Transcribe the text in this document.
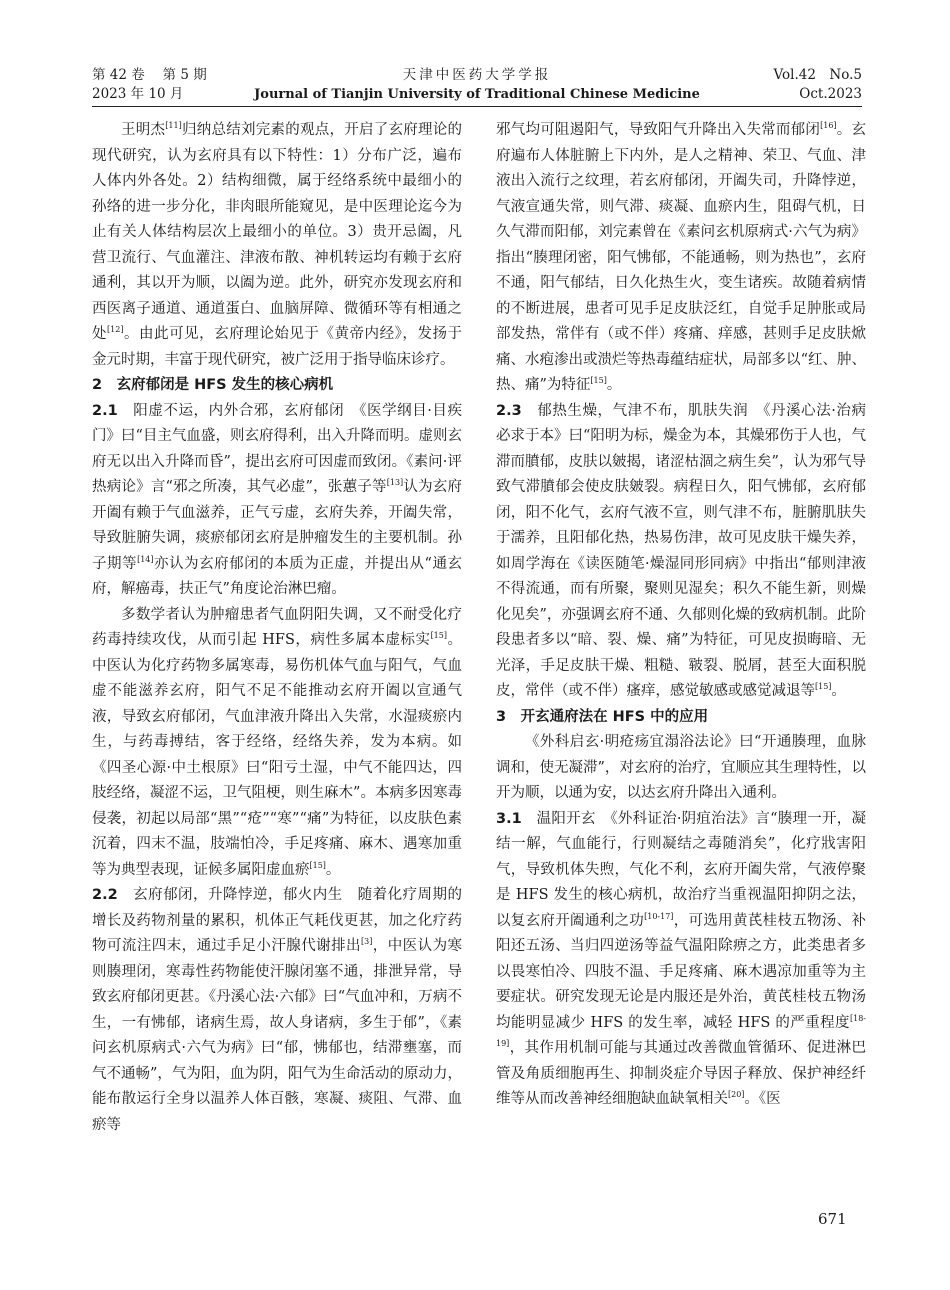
第 42 卷　 第 5 期
2023 年 10 月
天津中医药大学学报
Journal of Tianjin University of Traditional Chinese Medicine
Vol.42　No.5
Oct.2023

王明杰[11]归纳总结刘完素的观点，开启了玄府理论的现代研究，认为玄府具有以下特性：1）分布广泛，遍布人体内外各处。2）结构细微，属于经络系统中最细小的孙络的进一步分化，非肉眼所能窥见，是中医理论迄今为止有关人体结构层次上最细小的单位。3）贵开忌阖，凡营卫流行、气血灌注、津液布散、神机转运均有赖于玄府通利，其以开为顺，以阖为逆。此外，研究亦发现玄府和西医离子通道、通道蛋白、血脑屏障、微循环等有相通之处[12]。由此可见，玄府理论始见于《黄帝内经》，发扬于金元时期，丰富于现代研究，被广泛用于指导临床诊疗。

2　玄府郁闭是 HFS 发生的核心病机

2.1　阳虚不运，内外合邪，玄府郁闭　《医学纲目·目疾门》曰“目主气血盛，则玄府得利，出入升降而明。虚则玄府无以出入升降而昏”，提出玄府可因虚而致闭。《素问·评热病论》言“邪之所凑，其气必虚”，张蕙子等[13]认为玄府开阖有赖于气血滋养，正气亏虚，玄府失养，开阖失常，导致脏腑失调，痰瘀郁闭玄府是肿瘤发生的主要机制。孙子期等[14]亦认为玄府郁闭的本质为正虚，并提出从“通玄府，解癌毒，扶正气”角度论治淋巴瘤。

多数学者认为肿瘤患者气血阴阳失调，又不耐受化疗药毒持续攻伐，从而引起 HFS，病性多属本虚标实[15]。中医认为化疗药物多属寒毒，易伤机体气血与阳气，气血虚不能滋养玄府，阳气不足不能推动玄府开阖以宣通气液，导致玄府郁闭，气血津液升降出入失常，水湿痰瘀内生，与药毒搏结，客于经络，经络失养，发为本病。如《四圣心源·中土根原》曰“阳亏土湿，中气不能四达，四肢经络，凝涩不运，卫气阻梗，则生麻木”。本病多因寒毒侵袭，初起以局部“黑”“疮”“寒”“痛”为特征，以皮肤色素沉着，四末不温，肢端怕冷，手足疼痛、麻木、遇寒加重等为典型表现，证候多属阳虚血瘀[15]。

2.2　玄府郁闭，升降悖逆，郁火内生　随着化疗周期的增长及药物剂量的累积，机体正气耗伐更甚，加之化疗药物可流注四末，通过手足小汗腺代谢排出[3]，中医认为寒则腠理闭，寒毒性药物能使汗腺闭塞不通，排泄异常，导致玄府郁闭更甚。《丹溪心法·六郁》曰“气血冲和，万病不生，一有怫郁，诸病生焉，故人身诸病，多生于郁”，《素问玄机原病式·六气为病》曰“郁，怫郁也，结滞壅塞，而气不通畅”，气为阳，血为阴，阳气为生命活动的原动力，能布散运行全身以温养人体百骸，寒凝、痰阻、气滞、血瘀等

邪气均可阻遏阳气，导致阳气升降出入失常而郁闭[16]。玄府遍布人体脏腑上下内外，是人之精神、荣卫、气血、津液出入流行之纹理，若玄府郁闭，开阖失司，升降悖逆，气液宣通失常，则气滞、痰凝、血瘀内生，阻碍气机，日久气滞而阳郁，刘完素曾在《素问玄机原病式·六气为病》指出“腠理闭密，阳气怫郁，不能通畅，则为热也”，玄府不通，阳气郁结，日久化热生火，变生诸疾。故随着病情的不断进展，患者可见手足皮肤泛红，自觉手足肿胀或局部发热，常伴有（或不伴）疼痛、痒感，甚则手足皮肤焮痛、水疱渗出或溃烂等热毒蕴结症状，局部多以“红、肿、热、痛”为特征[15]。

2.3　郁热生燥，气津不布，肌肤失润　《丹溪心法·治病必求于本》曰“阳明为标，燥金为本，其燥邪伤于人也，气滞而膹郁，皮肤以皴揭，诸涩枯涸之病生矣”，认为邪气导致气滞膹郁会使皮肤皴裂。病程日久，阳气怫郁，玄府郁闭，阳不化气，玄府气液不宣，则气津不布，脏腑肌肤失于濡养，且阳郁化热，热易伤津，故可见皮肤干燥失养，如周学海在《读医随笔·燥湿同形同病》中指出“郁则津液不得流通，而有所聚，聚则见湿矣；积久不能生新，则燥化见矣”，亦强调玄府不通、久郁则化燥的致病机制。此阶段患者多以“暗、裂、燥、痛”为特征，可见皮损晦暗、无光泽，手足皮肤干燥、粗糙、皲裂、脱屑，甚至大面积脱皮，常伴（或不伴）瘙痒，感觉敏感或感觉减退等[15]。

3　开玄通府法在 HFS 中的应用

《外科启玄·明疮疡宜溻浴法论》曰“开通腠理，血脉调和，使无凝滞”，对玄府的治疗，宜顺应其生理特性，以开为顺，以通为安，以达玄府升降出入通利。

3.1　温阳开玄　《外科证治·阴疽治法》言“腠理一开，凝结一解，气血能行，行则凝结之毒随消矣”，化疗戕害阳气，导致机体失煦，气化不利，玄府开阖失常，气液停聚是 HFS 发生的核心病机，故治疗当重视温阳抑阴之法，以复玄府开阖通利之功[10-17]，可选用黄芪桂枝五物汤、补阳还五汤、当归四逆汤等益气温阳除痹之方，此类患者多以畏寒怕冷、四肢不温、手足疼痛、麻木遇凉加重等为主要症状。研究发现无论是内服还是外治，黄芪桂枝五物汤均能明显减少 HFS 的发生率，减轻 HFS 的严重程度[18-19]，其作用机制可能与其通过改善微血管循环、促进淋巴管及角质细胞再生、抑制炎症介导因子释放、保护神经纤维等从而改善神经细胞缺血缺氧相关[20]。《医

671
